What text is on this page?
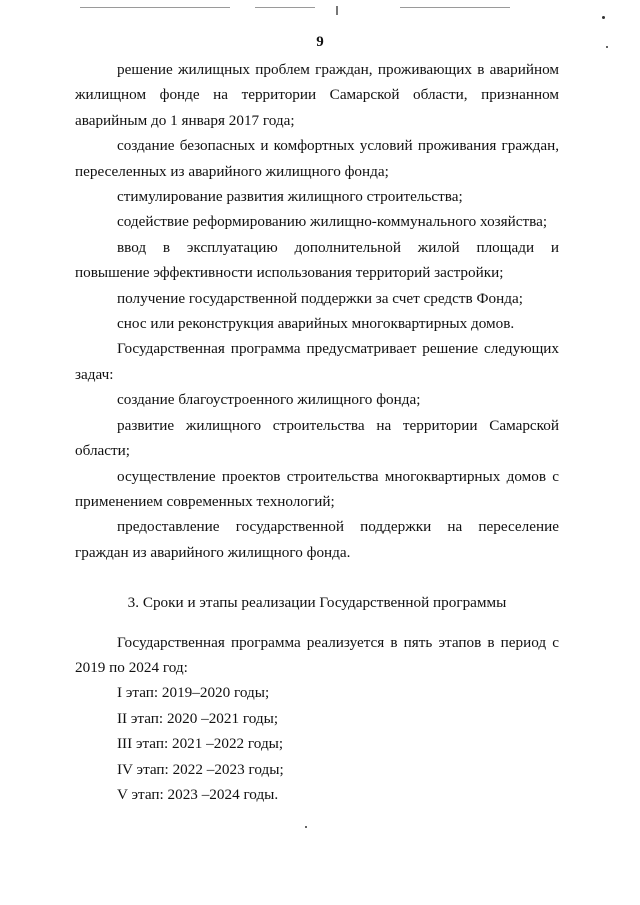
9

решение жилищных проблем граждан, проживающих в аварийном жилищном фонде на территории Самарской области, признанном аварийным до 1 января 2017 года;

создание безопасных и комфортных условий проживания граждан, переселенных из аварийного жилищного фонда;

стимулирование развития жилищного строительства;

содействие реформированию жилищно-коммунального хозяйства;

ввод в эксплуатацию дополнительной жилой площади и повышение эффективности использования территорий застройки;

получение государственной поддержки за счет средств Фонда;

снос или реконструкция аварийных многоквартирных домов.

Государственная программа предусматривает решение следующих задач:

создание благоустроенного жилищного фонда;

развитие жилищного строительства на территории Самарской области;

осуществление проектов строительства многоквартирных домов с применением современных технологий;

предоставление государственной поддержки на переселение граждан из аварийного жилищного фонда.

3. Сроки и этапы реализации Государственной программы

Государственная программа реализуется в пять этапов в период с 2019 по 2024 год:

I этап: 2019–2020 годы;

II этап: 2020 –2021 годы;

III этап: 2021 –2022 годы;

IV этап: 2022 –2023 годы;

V этап: 2023 –2024 годы.
